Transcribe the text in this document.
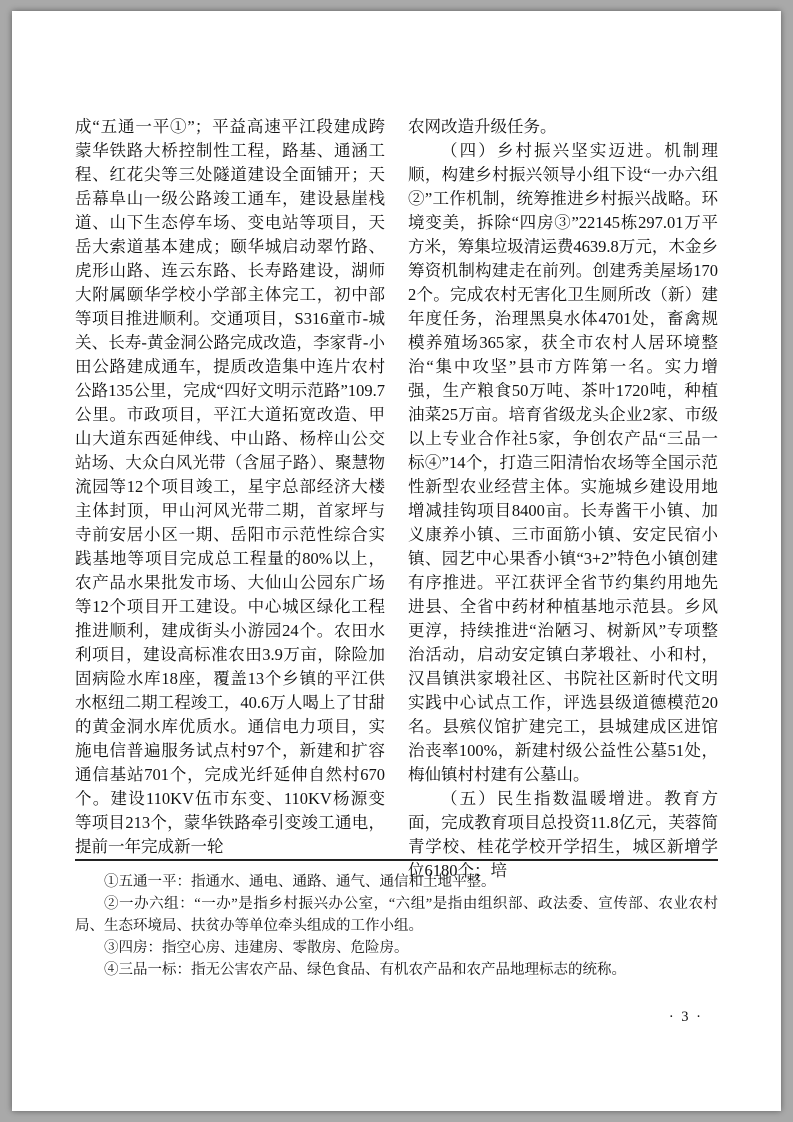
成“五通一平①”；平益高速平江段建成跨蒙华铁路大桥控制性工程，路基、通涵工程、红花尖等三处隧道建设全面铺开；天岳幕阜山一级公路竣工通车，建设悬崖栈道、山下生态停车场、变电站等项目，天岳大索道基本建成；颐华城启动翠竹路、虎形山路、连云东路、长寿路建设，湖师大附属颐华学校小学部主体完工，初中部等项目推进顺利。交通项目，S316童市-城关、长寿-黄金洞公路完成改造，李家背-小田公路建成通车，提质改造集中连片农村公路135公里，完成“四好文明示范路”109.7公里。市政项目，平江大道拓宽改造、甲山大道东西延伸线、中山路、杨梓山公交站场、大众白风光带（含屈子路）、聚慧物流园等12个项目竣工，星宇总部经济大楼主体封顶，甲山河风光带二期，首家坪与寺前安居小区一期、岳阳市示范性综合实践基地等项目完成总工程量的80%以上，农产品水果批发市场、大仙山公园东广场等12个项目开工建设。中心城区绿化工程推进顺利，建成街头小游园24个。农田水利项目，建设高标准农田3.9万亩，除险加固病险水库18座，覆盖13个乡镇的平江供水枢纽二期工程竣工，40.6万人喝上了甘甜的黄金洞水库优质水。通信电力项目，实施电信普遍服务试点村97个，新建和扩容通信基站701个，完成光纤延伸自然村670个。建设110KV伍市东变、110KV杨源变等项目213个，蒙华铁路牵引变竣工通电，提前一年完成新一轮

农网改造升级任务。

（四）乡村振兴坚实迈进。机制理顺，构建乡村振兴领导小组下设“一办六组②”工作机制，统筹推进乡村振兴战略。环境变美，拆除“四房③”22145栋297.01万平方米，筹集垃圾清运费4639.8万元，木金乡筹资机制构建走在前列。创建秀美屋场1702个。完成农村无害化卫生厕所改（新）建年度任务，治理黑臭水体4701处，畜禽规模养殖场365家，获全市农村人居环境整治“集中攻坚”县市方阵第一名。实力增强，生产粮食50万吨、茶叶1720吨，种植油菜25万亩。培育省级龙头企业2家、市级以上专业合作社5家，争创农产品“三品一标④”14个，打造三阳清怡农场等全国示范性新型农业经营主体。实施城乡建设用地增减挂钩项目8400亩。长寿酱干小镇、加义康养小镇、三市面筋小镇、安定民宿小镇、园艺中心果香小镇“3+2”特色小镇创建有序推进。平江获评全省节约集约用地先进县、全省中药材种植基地示范县。乡风更淳，持续推进“治陋习、树新风”专项整治活动，启动安定镇白茅塅社、小和村，汉昌镇洪家塅社区、书院社区新时代文明实践中心试点工作，评选县级道德模范20名。县殡仪馆扩建完工，县城建成区进馆治丧率100%，新建村级公益性公墓51处，梅仙镇村村建有公墓山。

（五）民生指数温暖增进。教育方面，完成教育项目总投资11.8亿元，芙蓉简青学校、桂花学校开学招生，城区新增学位6180个；培

①五通一平：指通水、通电、通路、通气、通信和土地平整。

②一办六组：“一办”是指乡村振兴办公室，“六组”是指由组织部、政法委、宣传部、农业农村局、生态环境局、扶贫办等单位牵头组成的工作小组。

③四房：指空心房、违建房、零散房、危险房。

④三品一标：指无公害农产品、绿色食品、有机农产品和农产品地理标志的统称。

· 3 ·
